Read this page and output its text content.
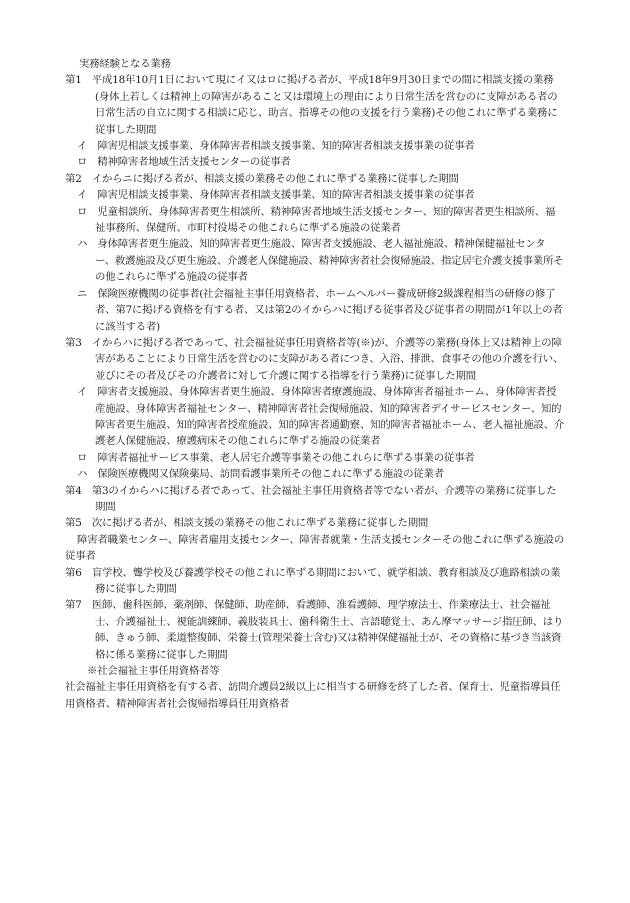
実務経験となる業務

第1　 平成18年10月1日において現にイ又はロに掲げる者が、平成18年9月30日までの間に相談支援の業務(身体上若しくは精神上の障害があること又は環境上の理由により日常生活を営むのに支障がある者の日常生活の自立に関する相談に応じ、助言、指導その他の支援を行う業務)その他これに準ずる業務に従事した期間

イ　 障害児相談支援事業、身体障害者相談支援事業、知的障害者相談支援事業の従事者

ロ　 精神障害者地域生活支援センターの従事者

第2　 イからニに掲げる者が、相談支援の業務その他これに準ずる業務に従事した期間

イ　 障害児相談支援事業、身体障害者相談支援事業、知的障害者相談支援事業の従事者

ロ　 児童相談所、身体障害者更生相談所、精神障害者地域生活支援センター、知的障害者更生相談所、福祉事務所、保健所、市町村役場その他これらに準ずる施設の従業者

ハ　 身体障害者更生施設、知的障害者更生施設、障害者支援施設、老人福祉施設、精神保健福祉センター、救護施設及び更生施設、介護老人保健施設、精神障害者社会復帰施設、指定居宅介護支援事業所その他これらに準ずる施設の従事者

ニ　 保険医療機関の従事者(社会福祉主事任用資格者、ホームヘルパー養成研修2級課程相当の研修の修了者、第7に掲げる資格を有する者、又は第2のイからハに掲げる従事者及び従事者の期間が1年以上の者に該当する者)

第3　 イからハに掲げる者であって、社会福祉従事任用資格者等(※)が、介護等の業務(身体上又は精神上の障害があることにより日常生活を営むのに支障がある者につき、入浴、排泄、食事その他の介護を行い、並びにその者及びその介護者に対して介護に関する指導を行う業務)に従事した期間

イ　 障害者支援施設、身体障害者更生施設、身体障害者療護施設、身体障害者福祉ホーム、身体障害者授産施設、身体障害者福祉センター、精神障害者社会復帰施設、知的障害者デイサービスセンター、知的障害者更生施設、知的障害者授産施設、知的障害者通勤寮、知的障害者福祉ホーム、老人福祉施設、介護老人保健施設、療護病床その他これらに準ずる施設の従業者

ロ　 障害者福祉サービス事業、老人居宅介護等事業その他これらに準ずる事業の従事者

ハ　 保険医療機関又保険薬局、訪問看護事業所その他これに準ずる施設の従業者

第4　 第3のイからハに掲げる者であって、社会福祉主事任用資格者等でない者が、介護等の業務に従事した期間

第5　 次に掲げる者が、相談支援の業務その他これに準ずる業務に従事した期間

障害者職業センター、障害者雇用支援センター、障害者就業・生活支援センターその他これに準ずる施設の従事者

第6　 盲学校、聾学校及び養護学校その他これに準ずる期間において、就学相談、教育相談及び進路相談の業務に従事した期間

第7　 医師、歯科医師、薬剤師、保健師、助産師、看護師、准看護師、理学療法士、作業療法士、社会福祉士、介護福祉士、視能訓練師、義肢装具士、歯科衛生士、言語聴覚士、あん摩マッサージ指圧師、はり師、きゅう師、柔道整復師、栄養士(管理栄養士含む)又は精神保健福祉士が、その資格に基づき当該資格に係る業務に従事した期間

※社会福祉主事任用資格者等

社会福祉主事任用資格を有する者、訪問介護員2級以上に相当する研修を終了した者、保育士、児童指導員任用資格者、精神障害者社会復帰指導員任用資格者
